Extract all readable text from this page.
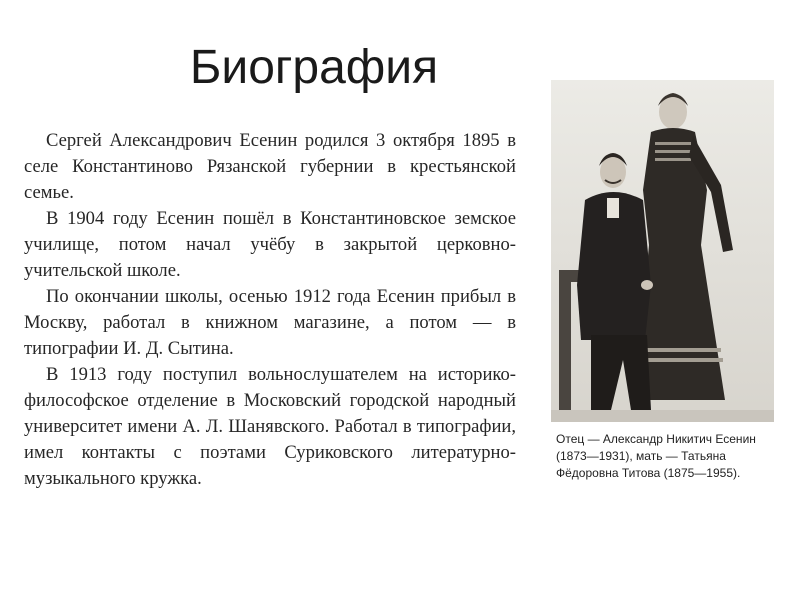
Биография

Сергей Александрович Есенин родился 3 октября 1895 в селе Константиново Рязанской губернии в крестьянской семье.

В 1904 году Есенин пошёл в Константиновское земское училище, потом начал учёбу в закрытой церковно-учительской школе.

По окончании школы, осенью 1912 года Есенин прибыл в Москву, работал в книжном магазине, а потом — в типографии И. Д. Сытина.

В 1913 году поступил вольнослушателем на историко-философское отделение в Московский городской народный университет имени А. Л. Шанявского. Работал в типографии, имел контакты с поэтами Суриковского литературно-музыкального кружка.

Отец — Александр Никитич Есенин (1873—1931), мать — Татьяна Фёдоровна Титова (1875—1955).
